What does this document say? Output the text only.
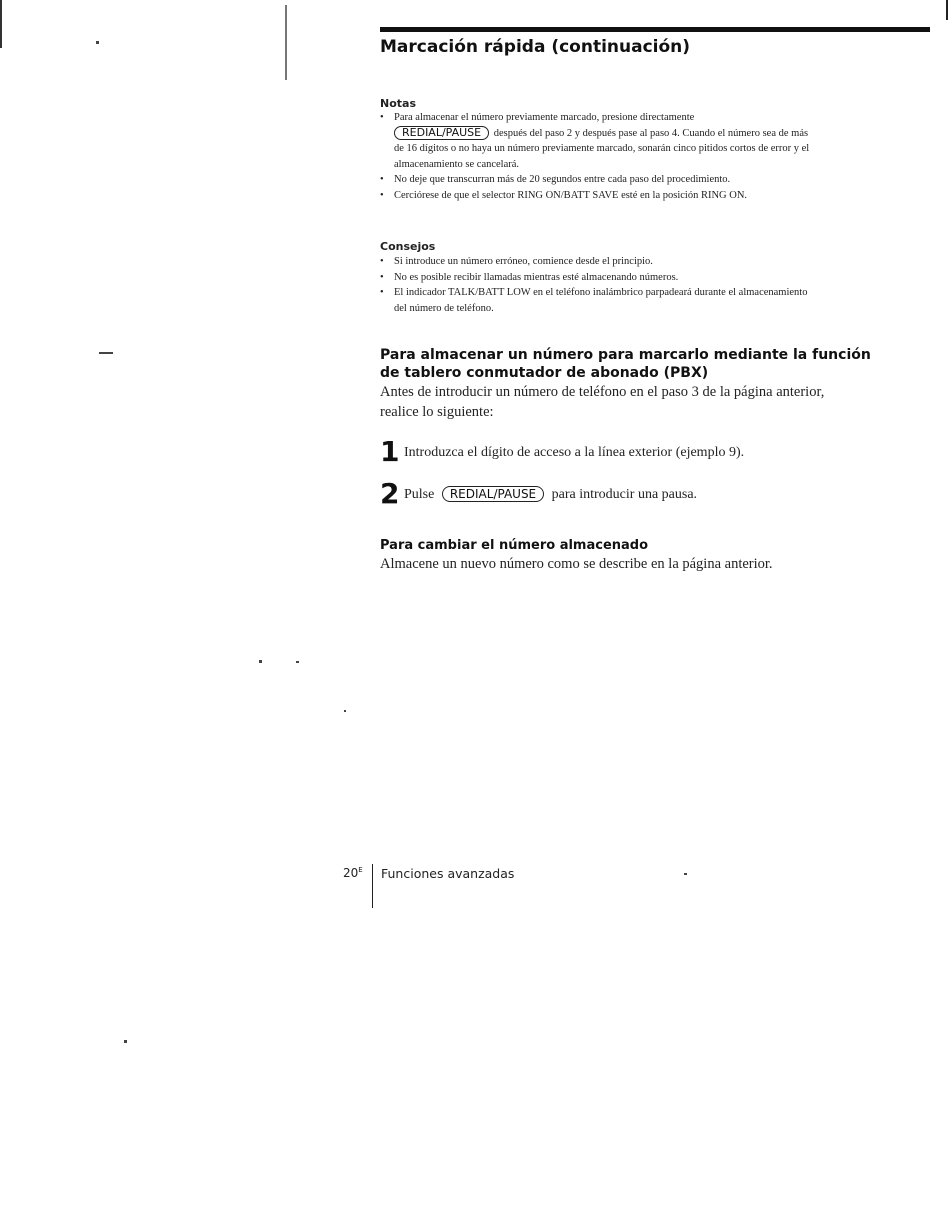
Marcación rápida (continuación)
Notas
• Para almacenar el número previamente marcado, presione directamente
REDIAL/PAUSE después del paso 2 y después pase al paso 4. Cuando el número sea de más de 16 dígitos o no haya un número previamente marcado, sonarán cinco pitidos cortos de error y el almacenamiento se cancelará.
• No deje que transcurran más de 20 segundos entre cada paso del procedimiento.
• Cerciórese de que el selector RING ON/BATT SAVE esté en la posición RING ON.
Consejos
• Si introduce un número erróneo, comience desde el principio.
• No es posible recibir llamadas mientras esté almacenando números.
• El indicador TALK/BATT LOW en el teléfono inalámbrico parpadeará durante el almacenamiento del número de teléfono.
Para almacenar un número para marcarlo mediante la función de tablero conmutador de abonado (PBX)
Antes de introducir un número de teléfono en el paso 3 de la página anterior, realice lo siguiente:
1 Introduzca el dígito de acceso a la línea exterior (ejemplo 9).
2 Pulse REDIAL/PAUSE para introducir una pausa.
Para cambiar el número almacenado
Almacene un nuevo número como se describe en la página anterior.
$20^E$ Funciones avanzadas
